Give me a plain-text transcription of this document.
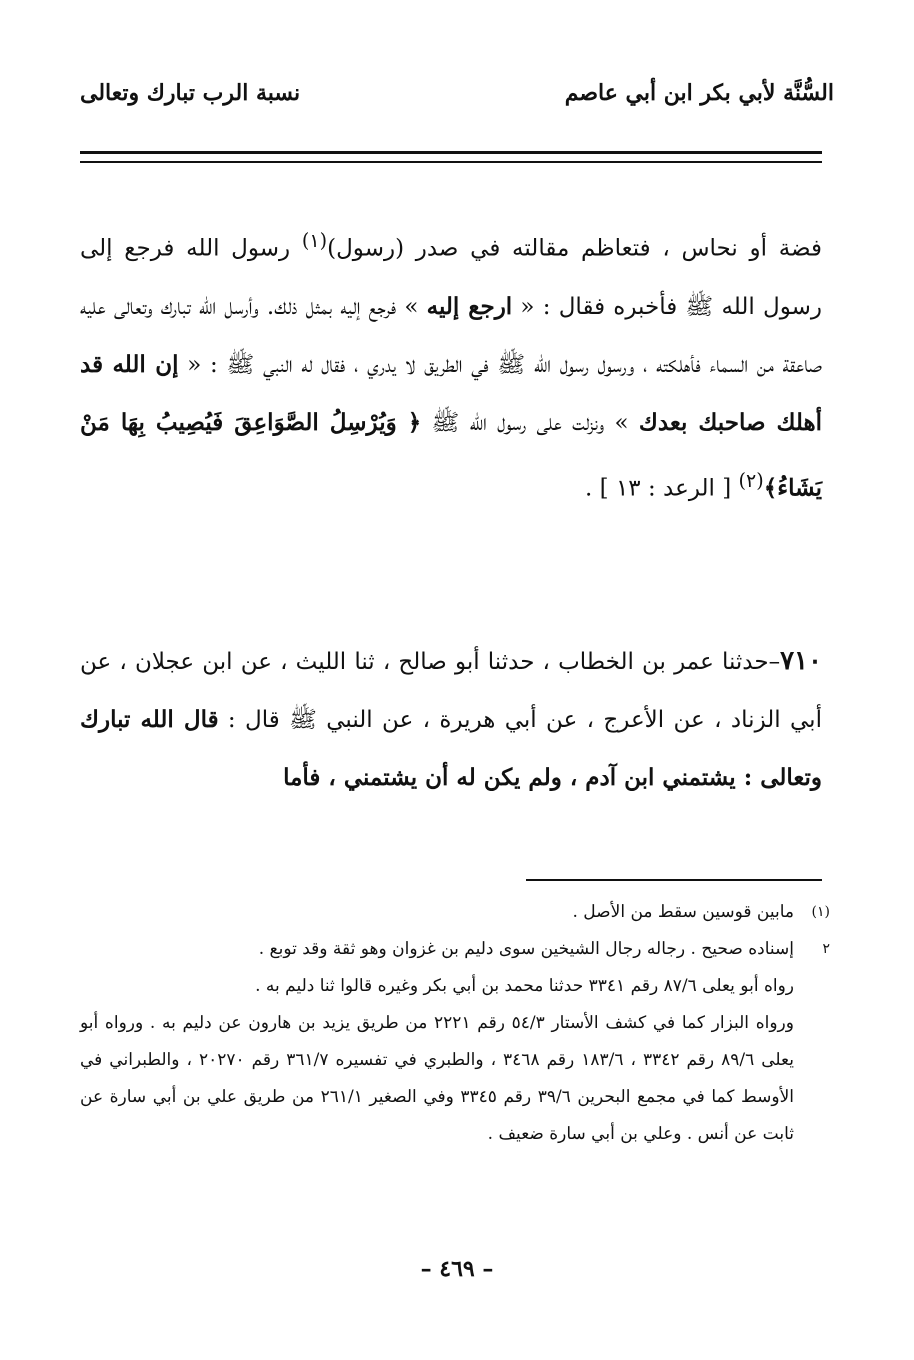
السُّنَّة لأبي بكر ابن أبي عاصم
نسبة الرب تبارك وتعالى

فضة أو نحاس ، فتعاظم مقالته في صدر (رسول)$^{(١)}$ رسول الله فرجع إلى رسول الله ﷺ فأخبره فقال : « ارجع إليه » فرجع إليه بمثل ذلك. وأرسل الله تبارك وتعالى عليه صاعقة من السماء فأهلكته ، ورسول رسول الله ﷺ في الطريق لا يدري ، فقال له النبي ﷺ : « إن الله قد أهلك صاحبك بعدك » ونزلت على رسول الله ﷺ ﴿ وَيُرْسِلُ الصَّوَاعِقَ فَيُصِيبُ بِهَا مَنْ يَشَاءُ﴾$^{(٢)}$ [ الرعد : ١٣ ] .

٧١٠–حدثنا عمر بن الخطاب ، حدثنا أبو صالح ، ثنا الليث ، عن ابن عجلان ، عن أبي الزناد ، عن الأعرج ، عن أبي هريرة ، عن النبي ﷺ قال : قال الله تبارك وتعالى : يشتمني ابن آدم ، ولم يكن له أن يشتمني ، فأما

(١)

مابين قوسين سقط من الأصل .

٢

إسناده صحيح . رجاله رجال الشيخين سوى دليم بن غزوان وهو ثقة وقد توبع .

رواه أبو يعلى ٨٧/٦ رقم ٣٣٤١ حدثنا محمد بن أبي بكر وغيره قالوا ثنا دليم به .

ورواه البزار كما في كشف الأستار ٥٤/٣ رقم ٢٢٢١ من طريق يزيد بن هارون عن دليم به . ورواه أبو يعلى ٨٩/٦ رقم ٣٣٤٢ ، ١٨٣/٦ رقم ٣٤٦٨ ، والطبري في تفسيره ٣٦١/٧ رقم ٢٠٢٧٠ ، والطبراني في الأوسط كما في مجمع البحرين ٣٩/٦ رقم ٣٣٤٥ وفي الصغير ٢٦١/١ من طريق علي بن أبي سارة عن ثابت عن أنس . وعلي بن أبي سارة ضعيف .

– ٤٦٩ –
